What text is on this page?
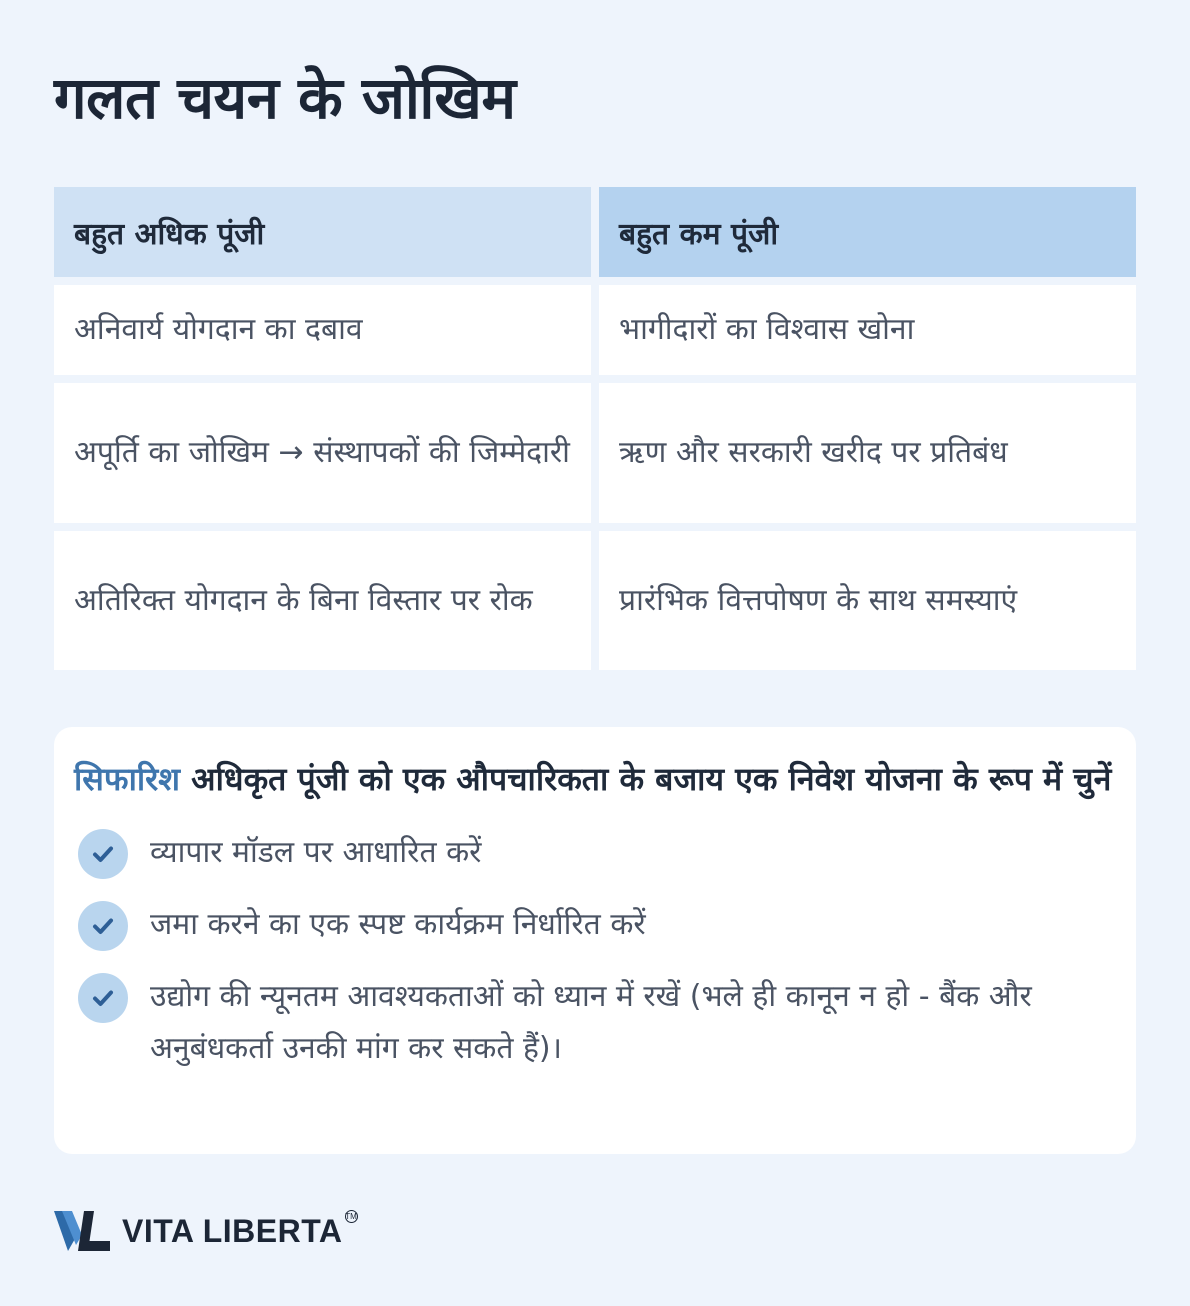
गलत चयन के जोखिम
बहुत अधिक पूंजी	बहुत कम पूंजी
अनिवार्य योगदान का दबाव	भागीदारों का विश्वास खोना
अपूर्ति का जोखिम → संस्थापकों की जिम्मेदारी	ऋण और सरकारी खरीद पर प्रतिबंध
अतिरिक्त योगदान के बिना विस्तार पर रोक	प्रारंभिक वित्तपोषण के साथ समस्याएं

सिफारिश अधिकृत पूंजी को एक औपचारिकता के बजाय एक निवेश योजना के रूप में चुनें

व्यापार मॉडल पर आधारित करें
जमा करने का एक स्पष्ट कार्यक्रम निर्धारित करें
उद्योग की न्यूनतम आवश्यकताओं को ध्यान में रखें (भले ही कानून न हो - बैंक और अनुबंधकर्ता उनकी मांग कर सकते हैं)।
VITA LIBERTA TM
